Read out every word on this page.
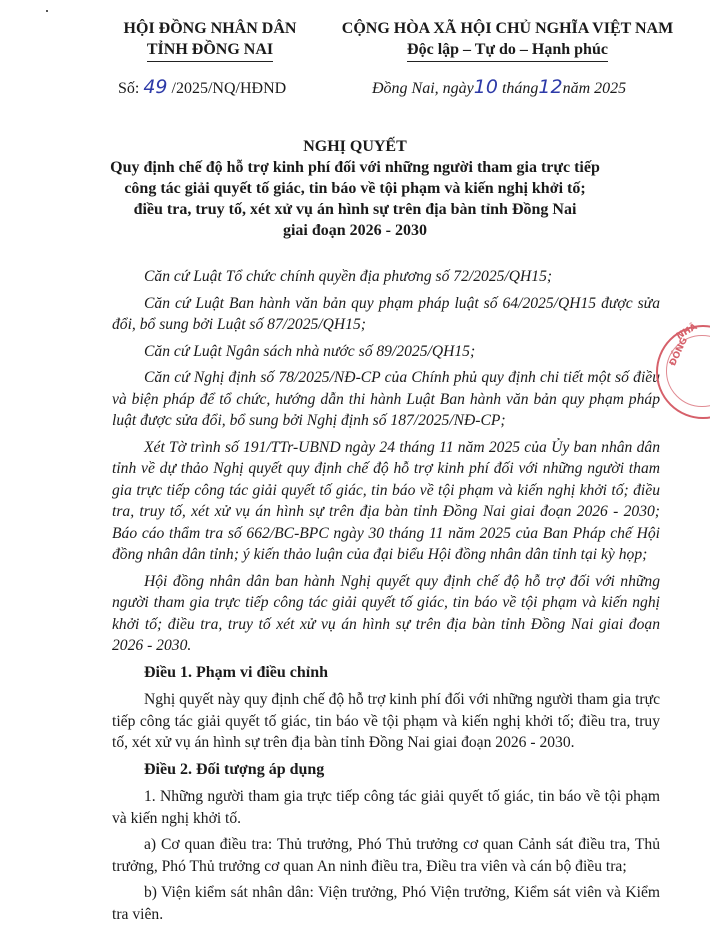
HỘI ĐỒNG NHÂN DÂN
TỈNH ĐỒNG NAI
CỘNG HÒA XÃ HỘI CHỦ NGHĨA VIỆT NAM
Độc lập – Tự do – Hạnh phúc
Số: 49 /2025/NQ/HĐND	Đồng Nai, ngày10 tháng12năm 2025
NGHỊ QUYẾT
Quy định chế độ hỗ trợ kinh phí đối với những người tham gia trực tiếp
công tác giải quyết tố giác, tin báo về tội phạm và kiến nghị khởi tố;
điều tra, truy tố, xét xử vụ án hình sự trên địa bàn tỉnh Đồng Nai
giai đoạn 2026 - 2030

Căn cứ Luật Tổ chức chính quyền địa phương số 72/2025/QH15;

Căn cứ Luật Ban hành văn bản quy phạm pháp luật số 64/2025/QH15 được sửa đổi, bổ sung bởi Luật số 87/2025/QH15;

Căn cứ Luật Ngân sách nhà nước số 89/2025/QH15;

Căn cứ Nghị định số 78/2025/NĐ-CP của Chính phủ quy định chi tiết một số điều và biện pháp để tổ chức, hướng dẫn thi hành Luật Ban hành văn bản quy phạm pháp luật được sửa đổi, bổ sung bởi Nghị định số 187/2025/NĐ-CP;

Xét Tờ trình số 191/TTr-UBND ngày 24 tháng 11 năm 2025 của Ủy ban nhân dân tỉnh về dự thảo Nghị quyết quy định chế độ hỗ trợ kinh phí đối với những người tham gia trực tiếp công tác giải quyết tố giác, tin báo về tội phạm và kiến nghị khởi tố; điều tra, truy tố, xét xử vụ án hình sự trên địa bàn tỉnh Đồng Nai giai đoạn 2026 - 2030; Báo cáo thẩm tra số 662/BC-BPC ngày 30 tháng 11 năm 2025 của Ban Pháp chế Hội đồng nhân dân tỉnh; ý kiến thảo luận của đại biểu Hội đồng nhân dân tỉnh tại kỳ họp;

Hội đồng nhân dân ban hành Nghị quyết quy định chế độ hỗ trợ đối với những người tham gia trực tiếp công tác giải quyết tố giác, tin báo về tội phạm và kiến nghị khởi tố; điều tra, truy tố xét xử vụ án hình sự trên địa bàn tỉnh Đồng Nai giai đoạn 2026 - 2030.

Điều 1. Phạm vi điều chỉnh

Nghị quyết này quy định chế độ hỗ trợ kinh phí đối với những người tham gia trực tiếp công tác giải quyết tố giác, tin báo về tội phạm và kiến nghị khởi tố; điều tra, truy tố, xét xử vụ án hình sự trên địa bàn tỉnh Đồng Nai giai đoạn 2026 - 2030.

Điều 2. Đối tượng áp dụng

1. Những người tham gia trực tiếp công tác giải quyết tố giác, tin báo về tội phạm và kiến nghị khởi tố.

a) Cơ quan điều tra: Thủ trưởng, Phó Thủ trưởng cơ quan Cảnh sát điều tra, Thủ trưởng, Phó Thủ trưởng cơ quan An ninh điều tra, Điều tra viên và cán bộ điều tra;

b) Viện kiểm sát nhân dân: Viện trưởng, Phó Viện trưởng, Kiểm sát viên và Kiểm tra viên.

ĐỒNG
NHÂ
